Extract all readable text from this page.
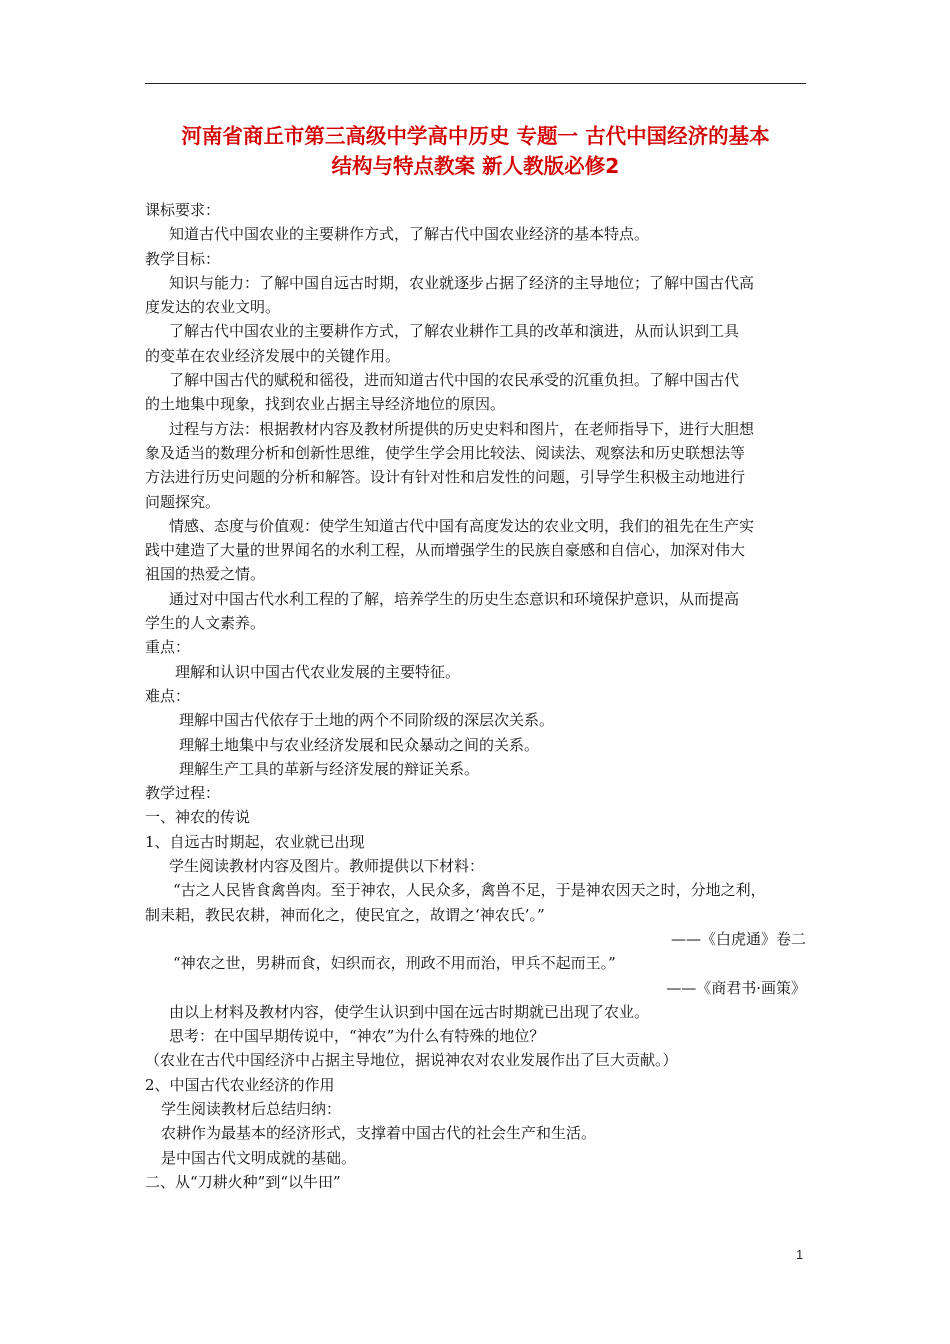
河南省商丘市第三高级中学高中历史 专题一 古代中国经济的基本
结构与特点教案 新人教版必修2
课标要求：
知道古代中国农业的主要耕作方式，了解古代中国农业经济的基本特点。
教学目标：
知识与能力：了解中国自远古时期，农业就逐步占据了经济的主导地位；了解中国古代高
度发达的农业文明。
了解古代中国农业的主要耕作方式，了解农业耕作工具的改革和演进，从而认识到工具
的变革在农业经济发展中的关键作用。
了解中国古代的赋税和徭役，进而知道古代中国的农民承受的沉重负担。了解中国古代
的土地集中现象，找到农业占据主导经济地位的原因。
过程与方法：根据教材内容及教材所提供的历史史料和图片，在老师指导下，进行大胆想
象及适当的数理分析和创新性思维，使学生学会用比较法、阅读法、观察法和历史联想法等
方法进行历史问题的分析和解答。设计有针对性和启发性的问题，引导学生积极主动地进行
问题探究。
情感、态度与价值观：使学生知道古代中国有高度发达的农业文明，我们的祖先在生产实
践中建造了大量的世界闻名的水利工程，从而增强学生的民族自豪感和自信心，加深对伟大
祖国的热爱之情。
通过对中国古代水利工程的了解，培养学生的历史生态意识和环境保护意识，从而提高
学生的人文素养。
重点：
理解和认识中国古代农业发展的主要特征。
难点：
理解中国古代依存于土地的两个不同阶级的深层次关系。
理解土地集中与农业经济发展和民众暴动之间的关系。
理解生产工具的革新与经济发展的辩证关系。
教学过程：
一、神农的传说
1、自远古时期起，农业就已出现
学生阅读教材内容及图片。教师提供以下材料：
“古之人民皆食禽兽肉。至于神农，人民众多，禽兽不足，于是神农因天之时，分地之利，
制耒耜，教民农耕，神而化之，使民宜之，故谓之‘神农氏’。”
——《白虎通》卷二
“神农之世，男耕而食，妇织而衣，刑政不用而治，甲兵不起而王。”
——《商君书·画策》
由以上材料及教材内容，使学生认识到中国在远古时期就已出现了农业。
思考：在中国早期传说中，“神农”为什么有特殊的地位？
（农业在古代中国经济中占据主导地位，据说神农对农业发展作出了巨大贡献。）
2、中国古代农业经济的作用
学生阅读教材后总结归纳：
农耕作为最基本的经济形式，支撑着中国古代的社会生产和生活。
是中国古代文明成就的基础。
二、从“刀耕火种”到“以牛田”
1
